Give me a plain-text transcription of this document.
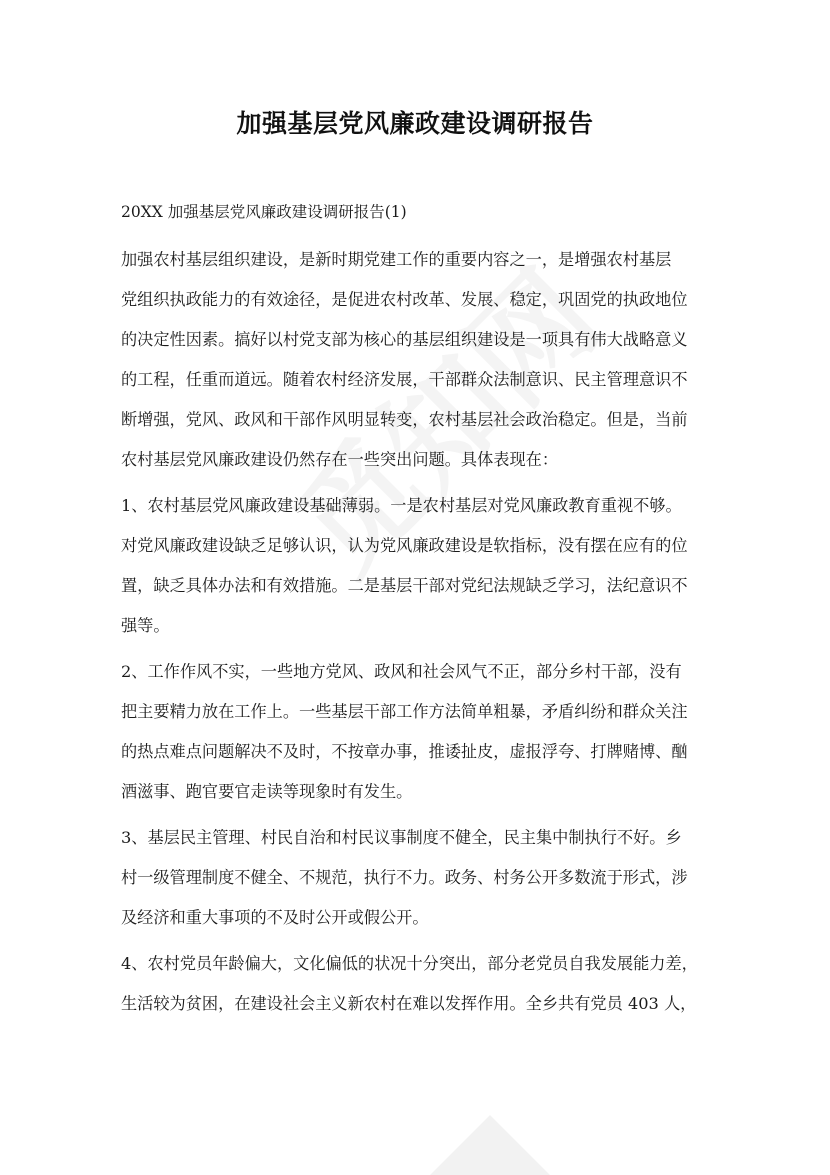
加强基层党风廉政建设调研报告
20XX 加强基层党风廉政建设调研报告(1)

加强农村基层组织建设，是新时期党建工作的重要内容之一，是增强农村基层
党组织执政能力的有效途径，是促进农村改革、发展、稳定，巩固党的执政地位
的决定性因素。搞好以村党支部为核心的基层组织建设是一项具有伟大战略意义
的工程，任重而道远。随着农村经济发展，干部群众法制意识、民主管理意识不
断增强，党风、政风和干部作风明显转变，农村基层社会政治稳定。但是，当前
农村基层党风廉政建设仍然存在一些突出问题。具体表现在：

1、农村基层党风廉政建设基础薄弱。一是农村基层对党风廉政教育重视不够。
对党风廉政建设缺乏足够认识，认为党风廉政建设是软指标，没有摆在应有的位
置，缺乏具体办法和有效措施。二是基层干部对党纪法规缺乏学习，法纪意识不
强等。

2、工作作风不实，一些地方党风、政风和社会风气不正，部分乡村干部，没有
把主要精力放在工作上。一些基层干部工作方法简单粗暴，矛盾纠纷和群众关注
的热点难点问题解决不及时，不按章办事，推诿扯皮，虚报浮夸、打牌赌博、酗
酒滋事、跑官要官走读等现象时有发生。

3、基层民主管理、村民自治和村民议事制度不健全，民主集中制执行不好。乡
村一级管理制度不健全、不规范，执行不力。政务、村务公开多数流于形式，涉
及经济和重大事项的不及时公开或假公开。

4、农村党员年龄偏大，文化偏低的状况十分突出，部分老党员自我发展能力差，
生活较为贫困，在建设社会主义新农村在难以发挥作用。全乡共有党员 403 人，
